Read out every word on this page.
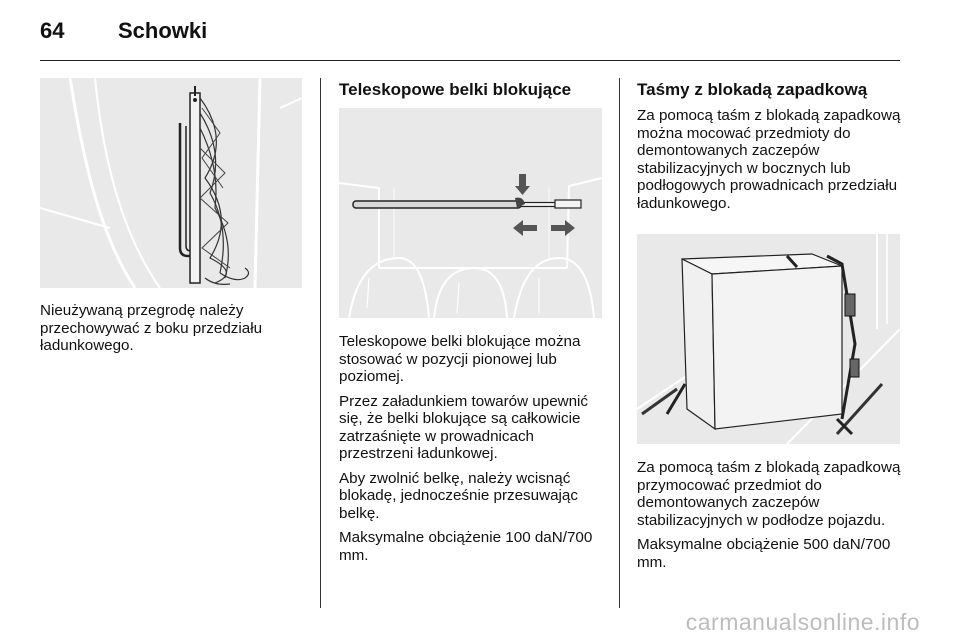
64 Schowki

Nieużywaną przegrodę należy przechowywać z boku przedziału ładunkowego.

Teleskopowe belki blokujące

Teleskopowe belki blokujące można stosować w pozycji pionowej lub poziomej.

Przez załadunkiem towarów upewnić się, że belki blokujące są całkowicie zatrzaśnięte w prowadnicach przestrzeni ładunkowej.

Aby zwolnić belkę, należy wcisnąć blokadę, jednocześnie przesuwając belkę.

Maksymalne obciążenie 100 daN/700 mm.

Taśmy z blokadą zapadkową

Za pomocą taśm z blokadą zapadkową można mocować przedmioty do demontowanych zaczepów stabilizacyjnych w bocznych lub podłogowych prowadnicach przedziału ładunkowego.

Za pomocą taśm z blokadą zapadkową przymocować przedmiot do demontowanych zaczepów stabilizacyjnych w podłodze pojazdu.

Maksymalne obciążenie 500 daN/700 mm.

carmanualsonline.info
